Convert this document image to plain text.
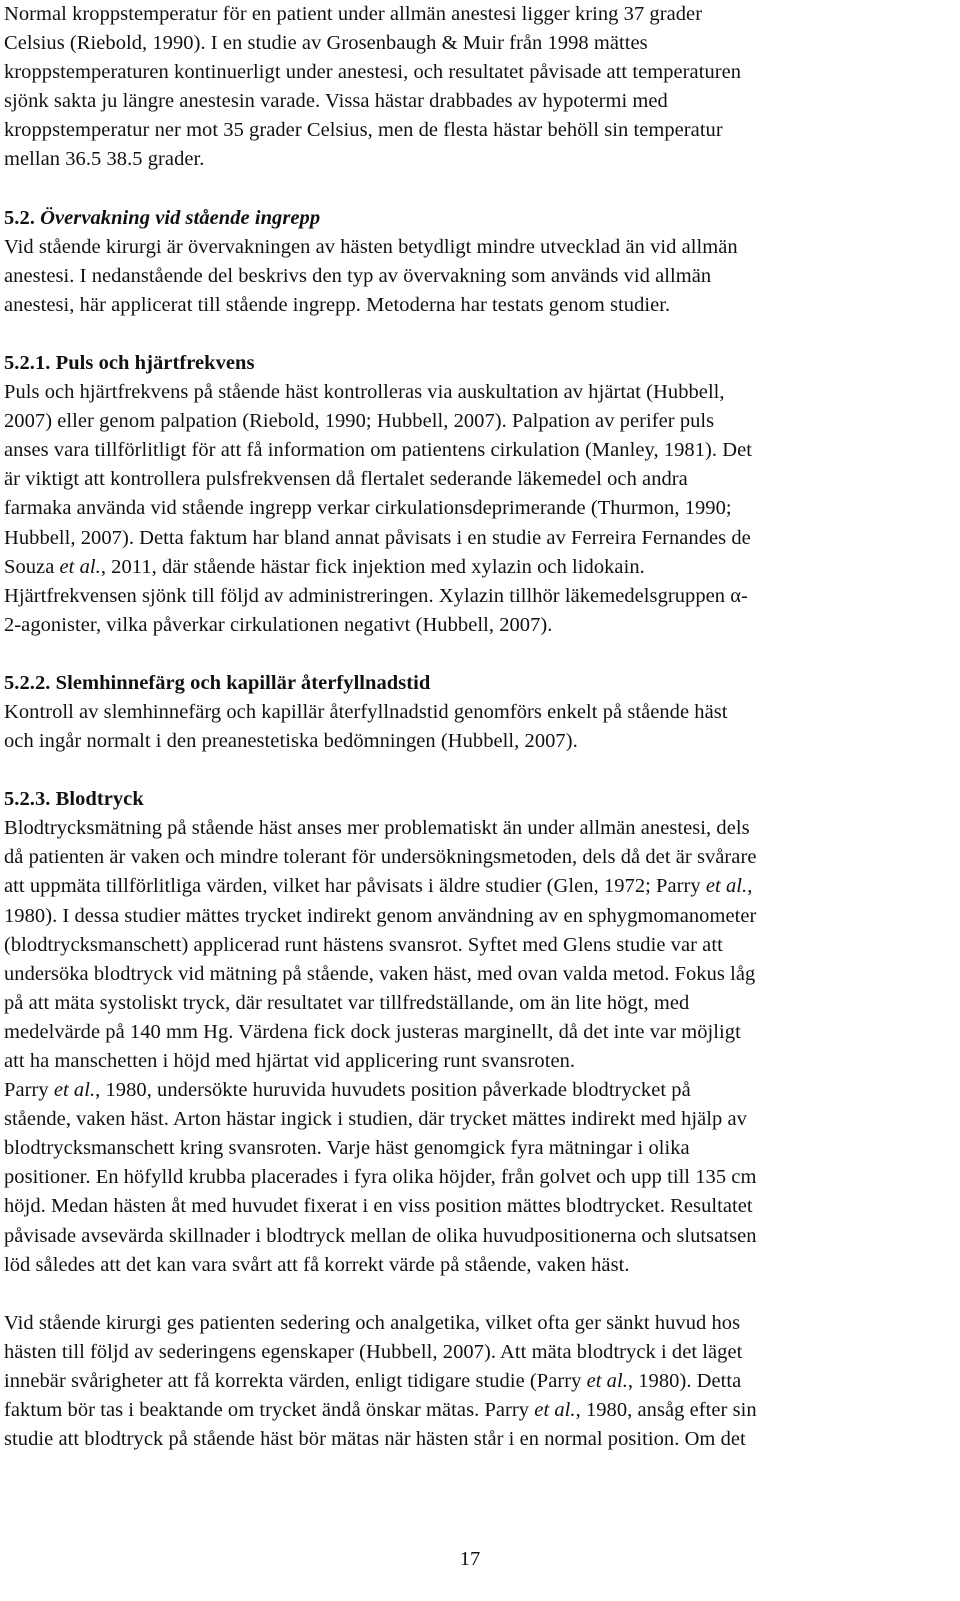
Normal kroppstemperatur för en patient under allmän anestesi ligger kring 37 grader
Celsius (Riebold, 1990). I en studie av Grosenbaugh & Muir från 1998 mättes
kroppstemperaturen kontinuerligt under anestesi, och resultatet påvisade att temperaturen
sjönk sakta ju längre anestesin varade. Vissa hästar drabbades av hypotermi med
kroppstemperatur ner mot 35 grader Celsius, men de flesta hästar behöll sin temperatur
mellan 36.5 38.5 grader.
5.2. Övervakning vid stående ingrepp
Vid stående kirurgi är övervakningen av hästen betydligt mindre utvecklad än vid allmän
anestesi. I nedanstående del beskrivs den typ av övervakning som används vid allmän
anestesi, här applicerat till stående ingrepp. Metoderna har testats genom studier.
5.2.1. Puls och hjärtfrekvens
Puls och hjärtfrekvens på stående häst kontrolleras via auskultation av hjärtat (Hubbell,
2007) eller genom palpation (Riebold, 1990; Hubbell, 2007). Palpation av perifer puls
anses vara tillförlitligt för att få information om patientens cirkulation (Manley, 1981). Det
är viktigt att kontrollera pulsfrekvensen då flertalet sederande läkemedel och andra
farmaka använda vid stående ingrepp verkar cirkulationsdeprimerande (Thurmon, 1990;
Hubbell, 2007). Detta faktum har bland annat påvisats i en studie av Ferreira Fernandes de
Souza et al., 2011, där stående hästar fick injektion med xylazin och lidokain.
Hjärtfrekvensen sjönk till följd av administreringen. Xylazin tillhör läkemedelsgruppen α-
2-agonister, vilka påverkar cirkulationen negativt (Hubbell, 2007).
5.2.2. Slemhinnefärg och kapillär återfyllnadstid
Kontroll av slemhinnefärg och kapillär återfyllnadstid genomförs enkelt på stående häst
och ingår normalt i den preanestetiska bedömningen (Hubbell, 2007).
5.2.3. Blodtryck
Blodtrycksmätning på stående häst anses mer problematiskt än under allmän anestesi, dels
då patienten är vaken och mindre tolerant för undersökningsmetoden, dels då det är svårare
att uppmäta tillförlitliga värden, vilket har påvisats i äldre studier (Glen, 1972; Parry et al.,
1980). I dessa studier mättes trycket indirekt genom användning av en sphygmomanometer
(blodtrycksmanschett) applicerad runt hästens svansrot. Syftet med Glens studie var att
undersöka blodtryck vid mätning på stående, vaken häst, med ovan valda metod. Fokus låg
på att mäta systoliskt tryck, där resultatet var tillfredställande, om än lite högt, med
medelvärde på 140 mm Hg. Värdena fick dock justeras marginellt, då det inte var möjligt
att ha manschetten i höjd med hjärtat vid applicering runt svansroten.
Parry et al., 1980, undersökte huruvida huvudets position påverkade blodtrycket på
stående, vaken häst. Arton hästar ingick i studien, där trycket mättes indirekt med hjälp av
blodtrycksmanschett kring svansroten. Varje häst genomgick fyra mätningar i olika
positioner. En höfylld krubba placerades i fyra olika höjder, från golvet och upp till 135 cm
höjd. Medan hästen åt med huvudet fixerat i en viss position mättes blodtrycket. Resultatet
påvisade avsevärda skillnader i blodtryck mellan de olika huvudpositionerna och slutsatsen
löd således att det kan vara svårt att få korrekt värde på stående, vaken häst.
Vid stående kirurgi ges patienten sedering och analgetika, vilket ofta ger sänkt huvud hos
hästen till följd av sederingens egenskaper (Hubbell, 2007). Att mäta blodtryck i det läget
innebär svårigheter att få korrekta värden, enligt tidigare studie (Parry et al., 1980). Detta
faktum bör tas i beaktande om trycket ändå önskar mätas. Parry et al., 1980, ansåg efter sin
studie att blodtryck på stående häst bör mätas när hästen står i en normal position. Om det
17
